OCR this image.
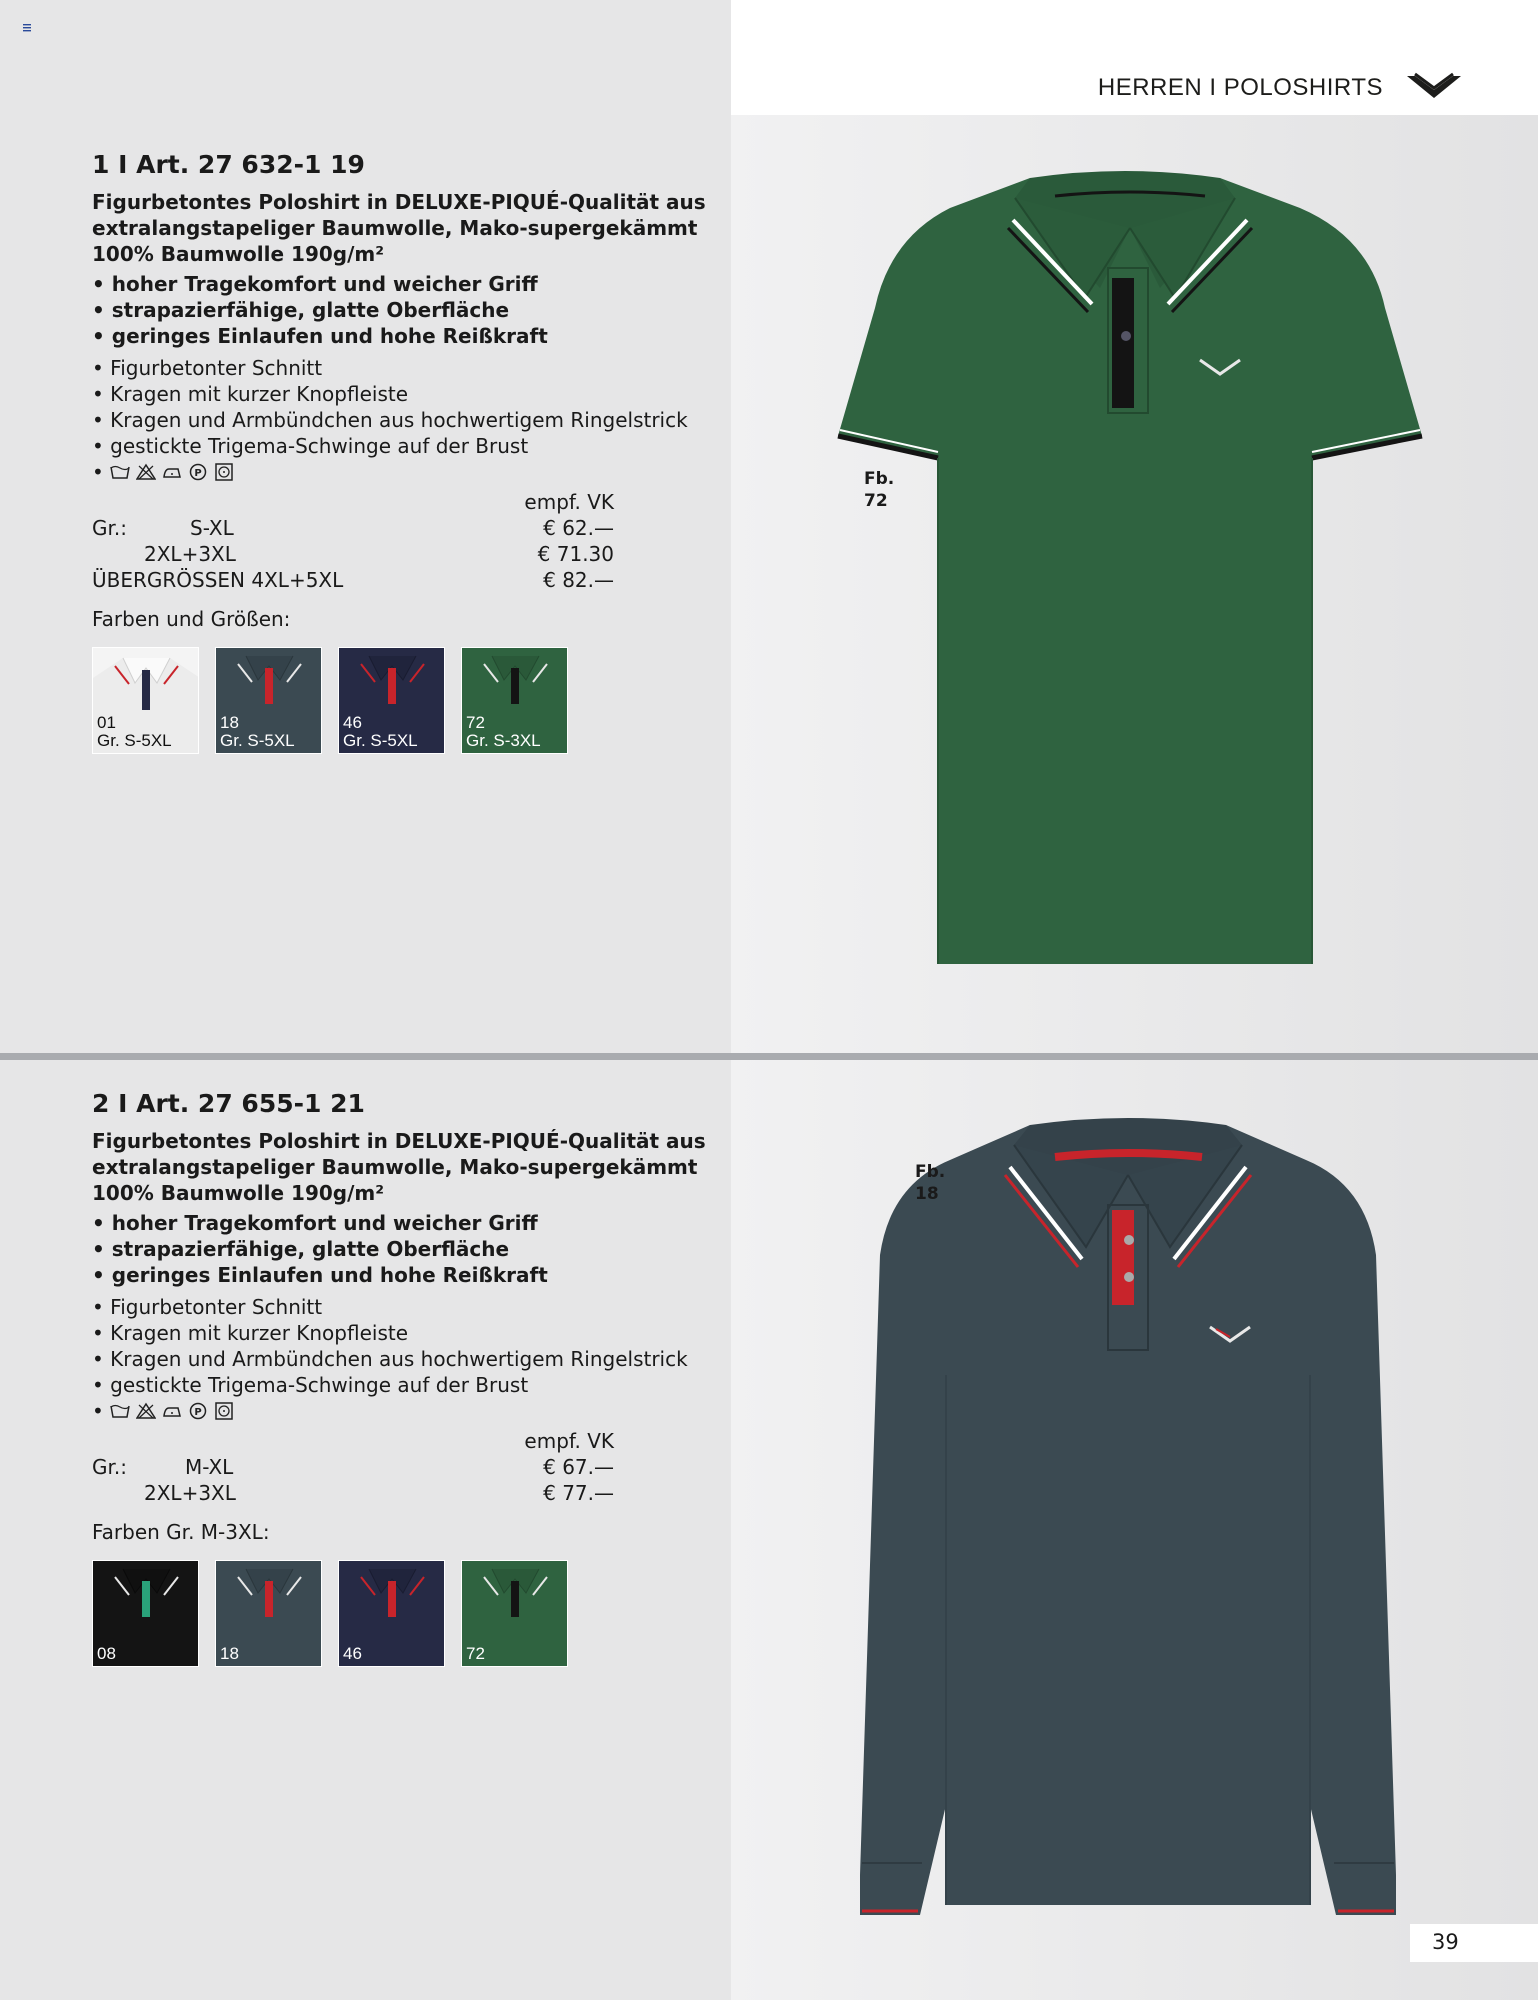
HERREN I POLOSHIRTS
1 I Art. 27 632-1 19
Figurbetontes Poloshirt in DELUXE-PIQUÉ-Qualität aus
extralangstapeliger Baumwolle, Mako-supergekämmt
100% Baumwolle 190g/m²
• hoher Tragekomfort und weicher Griff
• strapazierfähige, glatte Oberfläche
• geringes Einlaufen und hohe Reißkraft
• Figurbetonter Schnitt
• Kragen mit kurzer Knopfleiste
• Kragen und Armbündchen aus hochwertigem Ringelstrick
• gestickte Trigema-Schwinge auf der Brust
•	P
empf. VK
Gr.:	S-XL	€ 62.—
2XL+3XL	€ 71.30
ÜBERGRÖSSEN 4XL+5XL	€ 82.—
Farben und Größen:
01
Gr. S-5XL
18
Gr. S-5XL
46
Gr. S-5XL
72
Gr. S-3XL
Fb.
72
2 I Art. 27 655-1 21
Figurbetontes Poloshirt in DELUXE-PIQUÉ-Qualität aus
extralangstapeliger Baumwolle, Mako-supergekämmt
100% Baumwolle 190g/m²
• hoher Tragekomfort und weicher Griff
• strapazierfähige, glatte Oberfläche
• geringes Einlaufen und hohe Reißkraft
• Figurbetonter Schnitt
• Kragen mit kurzer Knopfleiste
• Kragen und Armbündchen aus hochwertigem Ringelstrick
• gestickte Trigema-Schwinge auf der Brust
•	P
empf. VK
Gr.:	M-XL	€ 67.—
2XL+3XL	€ 77.—
Farben Gr. M-3XL:
08	18	46	72
Fb.
18
39
